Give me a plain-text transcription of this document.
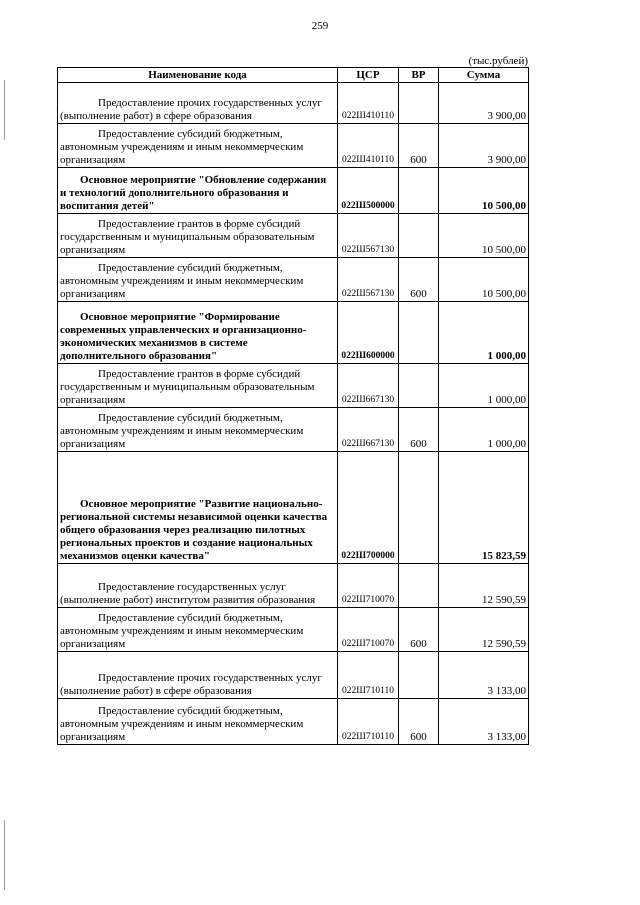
259
(тыс.рублей)
Наименование кода	ЦСР	ВР	Сумма
Предоставление прочих государственных услуг (выполнение работ) в сфере образования	022Ш410110		3 900,00
Предоставление субсидий бюджетным, автономным учреждениям и иным некоммерческим организациям	022Ш410110	600	3 900,00
Основное мероприятие "Обновление содержания и технологий дополнительного образования и воспитания детей"	022Ш500000		10 500,00
Предоставление грантов в форме субсидий государственным и муниципальным образовательным организациям	022Ш567130		10 500,00
Предоставление субсидий бюджетным, автономным учреждениям и иным некоммерческим организациям	022Ш567130	600	10 500,00
Основное мероприятие "Формирование современных управленческих и организационно-экономических механизмов в системе дополнительного образования"	022Ш600000		1 000,00
Предоставление грантов в форме субсидий государственным и муниципальным образовательным организациям	022Ш667130		1 000,00
Предоставление субсидий бюджетным, автономным учреждениям и иным некоммерческим организациям	022Ш667130	600	1 000,00
Основное мероприятие "Развитие национально-региональной системы независимой оценки качества общего образования через реализацию пилотных региональных проектов и создание национальных механизмов оценки качества"	022Ш700000		15 823,59
Предоставление государственных услуг (выполнение работ) институтом развития образования	022Ш710070		12 590,59
Предоставление субсидий бюджетным, автономным учреждениям и иным некоммерческим организациям	022Ш710070	600	12 590,59
Предоставление прочих государственных услуг (выполнение работ) в сфере образования	022Ш710110		3 133,00
Предоставление субсидий бюджетным, автономным учреждениям и иным некоммерческим организациям	022Ш710110	600	3 133,00
